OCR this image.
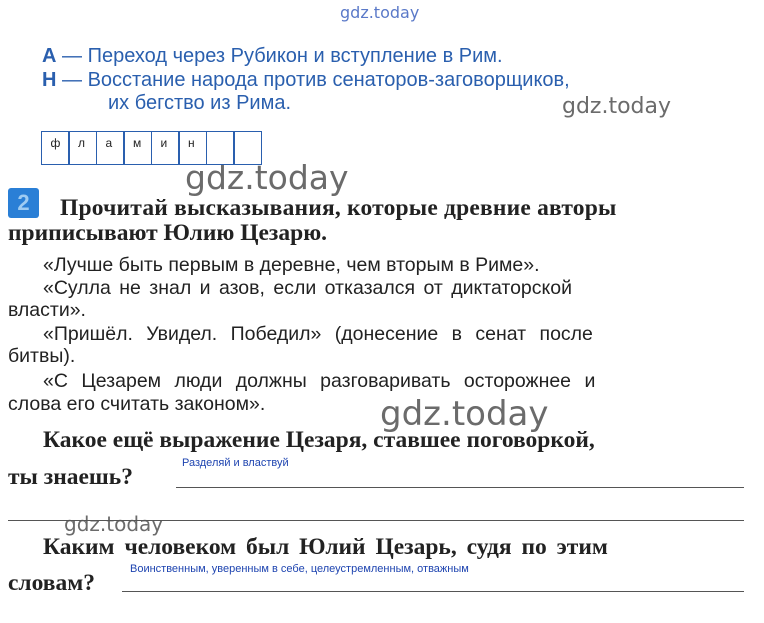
gdz.today
gdz.today
gdz.today
gdz.today
gdz.today
А — Переход через Рубикон и вступление в Рим.
Н — Восстание народа против сенаторов-заговорщиков,
их бегство из Рима.
ф л а м и н
2	Прочитай высказывания, которые древние авторы
приписывают Юлию Цезарю.
«Лучше быть первым в деревне, чем вторым в Риме».
«Сулла не знал и азов, если отказался от диктаторской
власти».
«Пришёл. Увидел. Победил» (донесение в сенат после
битвы).
«С Цезарем люди должны разговаривать осторожнее и
слова его считать законом».
Какое ещё выражение Цезаря, ставшее поговоркой,
ты знаешь?
Разделяй и властвуй
Каким человеком был Юлий Цезарь, судя по этим
словам?
Воинственным, уверенным в себе, целеустремленным, отважным
